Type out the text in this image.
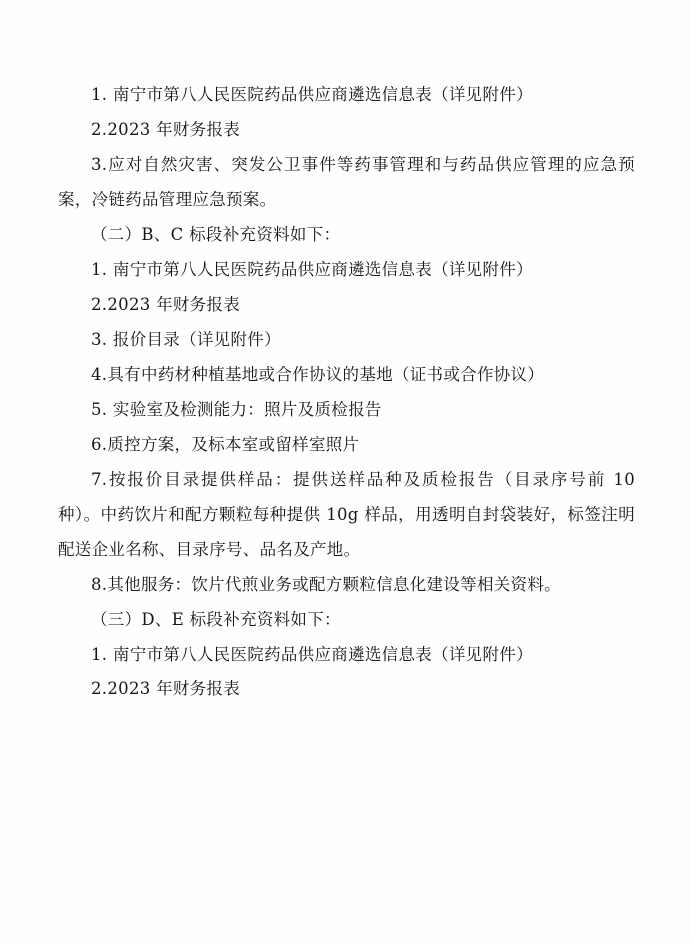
1. 南宁市第八人民医院药品供应商遴选信息表（详见附件）

2.2023 年财务报表

3.应对自然灾害、突发公卫事件等药事管理和与药品供应管理的应急预案，冷链药品管理应急预案。

（二）B、C 标段补充资料如下：

1. 南宁市第八人民医院药品供应商遴选信息表（详见附件）

2.2023 年财务报表

3. 报价目录（详见附件）

4.具有中药材种植基地或合作协议的基地（证书或合作协议）

5. 实验室及检测能力：照片及质检报告

6.质控方案，及标本室或留样室照片

7.按报价目录提供样品：提供送样品种及质检报告（目录序号前 10 种）。中药饮片和配方颗粒每种提供 10g 样品，用透明自封袋装好，标签注明配送企业名称、目录序号、品名及产地。

8.其他服务：饮片代煎业务或配方颗粒信息化建设等相关资料。

（三）D、E 标段补充资料如下：

1. 南宁市第八人民医院药品供应商遴选信息表（详见附件）

2.2023 年财务报表
